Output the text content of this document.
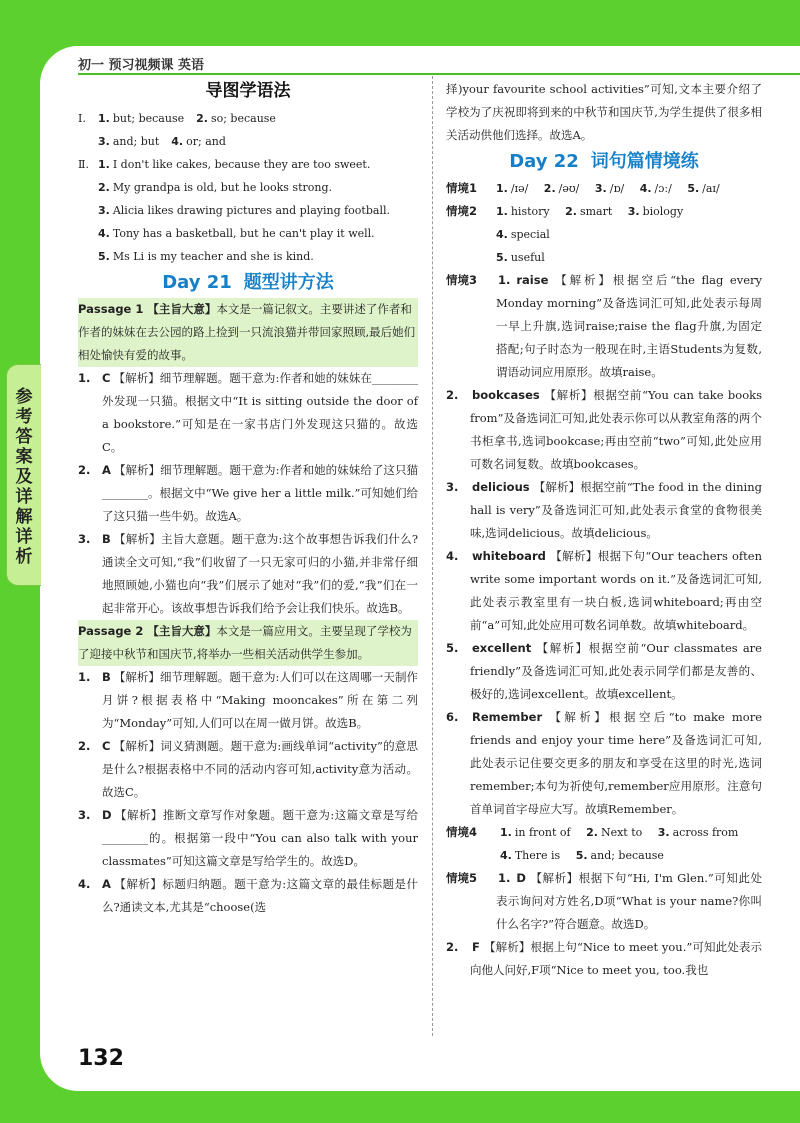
初一 预习视频课 英语
导图学语法
Ⅰ.	1. but; because 2. so; because
3. and; but 4. or; and
Ⅱ. 1. I don't like cakes, because they are too sweet.
2. My grandpa is old, but he looks strong.
3. Alicia likes drawing pictures and playing football.
4. Tony has a basketball, but he can't play it well.
5. Ms Li is my teacher and she is kind.
Day 21 题型讲方法
Passage 1 【主旨大意】本文是一篇记叙文。主要讲述了作者和作者的妹妹在去公园的路上捡到一只流浪猫并带回家照顾,最后她们相处愉快有爱的故事。
1.	C 【解析】细节理解题。题干意为:作者和她的妹妹在________外发现一只猫。根据文中“It is sitting outside the door of a bookstore.”可知是在一家书店门外发现这只猫的。故选C。
2.	A 【解析】细节理解题。题干意为:作者和她的妹妹给了这只猫________。根据文中“We give her a little milk.”可知她们给了这只猫一些牛奶。故选A。
3.	B 【解析】主旨大意题。题干意为:这个故事想告诉我们什么?通读全文可知,“我”们收留了一只无家可归的小猫,并非常仔细地照顾她,小猫也向“我”们展示了她对“我”们的爱,“我”们在一起非常开心。该故事想告诉我们给予会让我们快乐。故选B。
Passage 2 【主旨大意】本文是一篇应用文。主要呈现了学校为了迎接中秋节和国庆节,将举办一些相关活动供学生参加。
1.	B 【解析】细节理解题。题干意为:人们可以在这周哪一天制作月饼?根据表格中“Making mooncakes”所在第二列为“Monday”可知,人们可以在周一做月饼。故选B。
2.	C 【解析】词义猜测题。题干意为:画线单词“activity”的意思是什么?根据表格中不同的活动内容可知,activity意为活动。故选C。
3.	D 【解析】推断文章写作对象题。题干意为:这篇文章是写给________的。根据第一段中“You can also talk with your classmates”可知这篇文章是写给学生的。故选D。
4.	A 【解析】标题归纳题。题干意为:这篇文章的最佳标题是什么?通读文本,尤其是“choose(选
择)your favourite school activities”可知,文本主要介绍了学校为了庆祝即将到来的中秋节和国庆节,为学生提供了很多相关活动供他们选择。故选A。
Day 22 词句篇情境练
情境1	1. /ɪə/ 2. /əʊ/ 3. /ɒ/ 4. /ɔː/ 5. /aɪ/
情境2	1. history 2. smart 3. biology 4. special
5. useful
情境3	1. raise 【解析】根据空后“the flag every Monday morning”及备选词汇可知,此处表示每周一早上升旗,选词raise;raise the flag升旗,为固定搭配;句子时态为一般现在时,主语Students为复数,谓语动词应用原形。故填raise。
2.	bookcases 【解析】根据空前“You can take books from”及备选词汇可知,此处表示你可以从教室角落的两个书柜拿书,选词bookcase;再由空前“two”可知,此处应用可数名词复数。故填bookcases。
3.	delicious 【解析】根据空前“The food in the dining hall is very”及备选词汇可知,此处表示食堂的食物很美味,选词delicious。故填delicious。
4.	whiteboard 【解析】根据下句“Our teachers often write some important words on it.”及备选词汇可知,此处表示教室里有一块白板,选词whiteboard;再由空前“a”可知,此处应用可数名词单数。故填whiteboard。
5.	excellent 【解析】根据空前“Our classmates are friendly”及备选词汇可知,此处表示同学们都是友善的、极好的,选词excellent。故填excellent。
6.	Remember 【解析】根据空后“to make more friends and enjoy your time here”及备选词汇可知,此处表示记住要交更多的朋友和享受在这里的时光,选词remember;本句为祈使句,remember应用原形。注意句首单词首字母应大写。故填Remember。
情境4	1. in front of 2. Next to 3. across from
4. There is 5. and; because
情境5	1. D 【解析】根据下句“Hi, I'm Glen.”可知此处表示询问对方姓名,D项“What is your name?你叫什么名字?”符合题意。故选D。
2.	F 【解析】根据上句“Nice to meet you.”可知此处表示向他人问好,F项“Nice to meet you, too.我也
132
参
考
答
案
及
详
解
详
析
